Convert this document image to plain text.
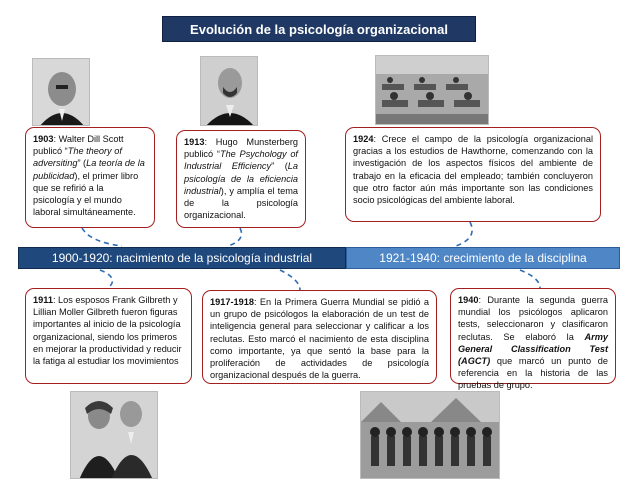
Evolución de la psicología organizacional
1903: Walter Dill Scott publicó “The theory of adversiting” (La teoría de la publicidad), el primer libro que se refirió a la psicología y el mundo laboral simultáneamente.
1913: Hugo Munsterberg publicó “The Psychology of Industrial Efficiency” (La psicología de la eficiencia industrial), y amplía el tema de la psicología organizacional.
1924: Crece el campo de la psicología organizacional gracias a los estudios de Hawthorne, comenzando con la investigación de los aspectos físicos del ambiente de trabajo en la eficacia del empleado; también concluyeron que otro factor aún más importante son las condiciones socio psicológicas del ambiente laboral.
1900-1920: nacimiento de la psicología industrial	1921-1940: crecimiento de la disciplina
1911: Los esposos Frank Gilbreth y Lillian Moller Gilbreth fueron figuras importantes al inicio de la psicología organizacional, siendo los primeros en mejorar la productividad y reducir la fatiga al estudiar los movimientos
1917-1918: En la Primera Guerra Mundial se pidió a un grupo de psicólogos la elaboración de un test de inteligencia general para seleccionar y calificar a los reclutas. Esto marcó el nacimiento de esta disciplina como importante, ya que sentó la base para la proliferación de actividades de psicología organizacional después de la guerra.
1940: Durante la segunda guerra mundial los psicólogos aplicaron tests, seleccionaron y clasificaron reclutas. Se elaboró la Army General Classification Test (AGCT) que marcó un punto de referencia en la historia de las pruebas de grupo.
